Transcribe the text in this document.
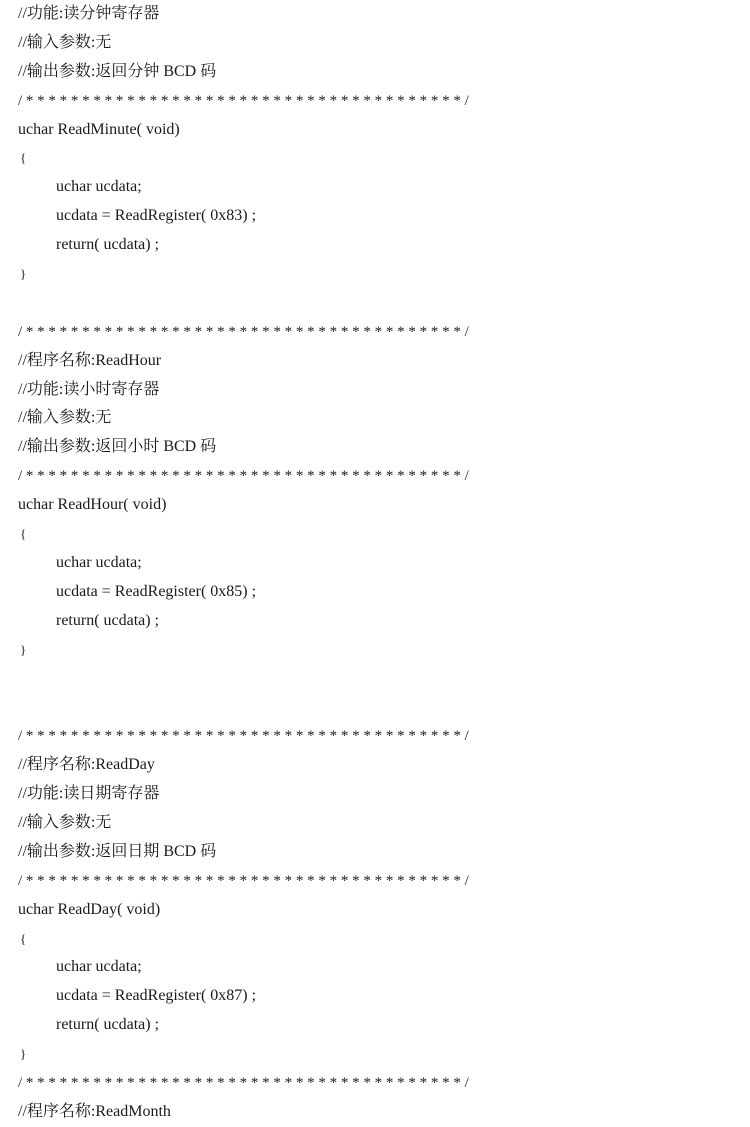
//功能:读分钟寄存器
//输入参数:无
//输出参数:返回分钟 BCD 码
/ * * * * * * * * * * * * * * * * * * * * * * * * * * * * * * * * * * * * * * * /
uchar ReadMinute( void)
{
uchar ucdata;
ucdata = ReadRegister( 0x83) ;
return( ucdata) ;
}
/ * * * * * * * * * * * * * * * * * * * * * * * * * * * * * * * * * * * * * * * /
//程序名称:ReadHour
//功能:读小时寄存器
//输入参数:无
//输出参数:返回小时 BCD 码
/ * * * * * * * * * * * * * * * * * * * * * * * * * * * * * * * * * * * * * * * /
uchar ReadHour( void)
{
uchar ucdata;
ucdata = ReadRegister( 0x85) ;
return( ucdata) ;
}
/ * * * * * * * * * * * * * * * * * * * * * * * * * * * * * * * * * * * * * * * /
//程序名称:ReadDay
//功能:读日期寄存器
//输入参数:无
//输出参数:返回日期 BCD 码
/ * * * * * * * * * * * * * * * * * * * * * * * * * * * * * * * * * * * * * * * /
uchar ReadDay( void)
{
uchar ucdata;
ucdata = ReadRegister( 0x87) ;
return( ucdata) ;
}
/ * * * * * * * * * * * * * * * * * * * * * * * * * * * * * * * * * * * * * * * /
//程序名称:ReadMonth
